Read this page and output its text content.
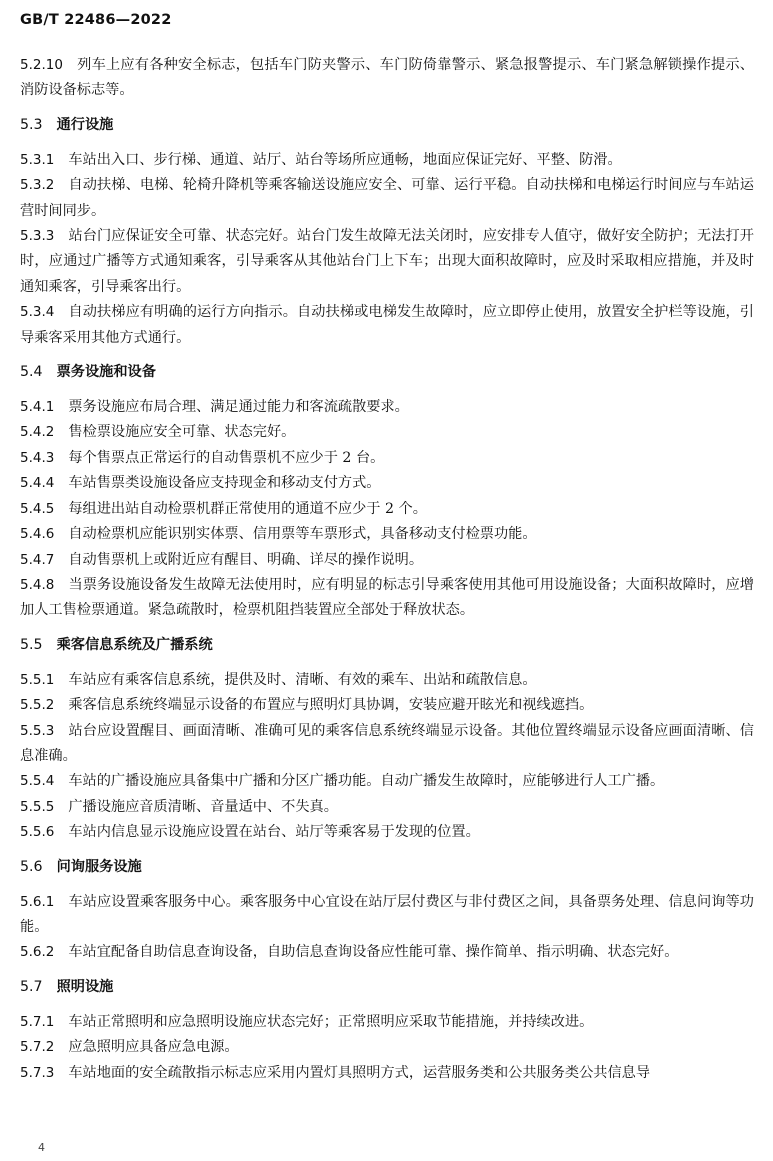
GB/T 22486—2022

5.2.10 列车上应有各种安全标志，包括车门防夹警示、车门防倚靠警示、紧急报警提示、车门紧急解锁操作提示、消防设备标志等。

5.3 通行设施

5.3.1 车站出入口、步行梯、通道、站厅、站台等场所应通畅，地面应保证完好、平整、防滑。

5.3.2 自动扶梯、电梯、轮椅升降机等乘客输送设施应安全、可靠、运行平稳。自动扶梯和电梯运行时间应与车站运营时间同步。

5.3.3 站台门应保证安全可靠、状态完好。站台门发生故障无法关闭时，应安排专人值守，做好安全防护；无法打开时，应通过广播等方式通知乘客，引导乘客从其他站台门上下车；出现大面积故障时，应及时采取相应措施，并及时通知乘客，引导乘客出行。

5.3.4 自动扶梯应有明确的运行方向指示。自动扶梯或电梯发生故障时，应立即停止使用，放置安全护栏等设施，引导乘客采用其他方式通行。

5.4 票务设施和设备

5.4.1 票务设施应布局合理、满足通过能力和客流疏散要求。

5.4.2 售检票设施应安全可靠、状态完好。

5.4.3 每个售票点正常运行的自动售票机不应少于 2 台。

5.4.4 车站售票类设施设备应支持现金和移动支付方式。

5.4.5 每组进出站自动检票机群正常使用的通道不应少于 2 个。

5.4.6 自动检票机应能识别实体票、信用票等车票形式，具备移动支付检票功能。

5.4.7 自动售票机上或附近应有醒目、明确、详尽的操作说明。

5.4.8 当票务设施设备发生故障无法使用时，应有明显的标志引导乘客使用其他可用设施设备；大面积故障时，应增加人工售检票通道。紧急疏散时，检票机阻挡装置应全部处于释放状态。

5.5 乘客信息系统及广播系统

5.5.1 车站应有乘客信息系统，提供及时、清晰、有效的乘车、出站和疏散信息。

5.5.2 乘客信息系统终端显示设备的布置应与照明灯具协调，安装应避开眩光和视线遮挡。

5.5.3 站台应设置醒目、画面清晰、准确可见的乘客信息系统终端显示设备。其他位置终端显示设备应画面清晰、信息准确。

5.5.4 车站的广播设施应具备集中广播和分区广播功能。自动广播发生故障时，应能够进行人工广播。

5.5.5 广播设施应音质清晰、音量适中、不失真。

5.5.6 车站内信息显示设施应设置在站台、站厅等乘客易于发现的位置。

5.6 问询服务设施

5.6.1 车站应设置乘客服务中心。乘客服务中心宜设在站厅层付费区与非付费区之间，具备票务处理、信息问询等功能。

5.6.2 车站宜配备自助信息查询设备，自助信息查询设备应性能可靠、操作简单、指示明确、状态完好。

5.7 照明设施

5.7.1 车站正常照明和应急照明设施应状态完好；正常照明应采取节能措施，并持续改进。

5.7.2 应急照明应具备应急电源。

5.7.3 车站地面的安全疏散指示标志应采用内置灯具照明方式，运营服务类和公共服务类公共信息导

4
